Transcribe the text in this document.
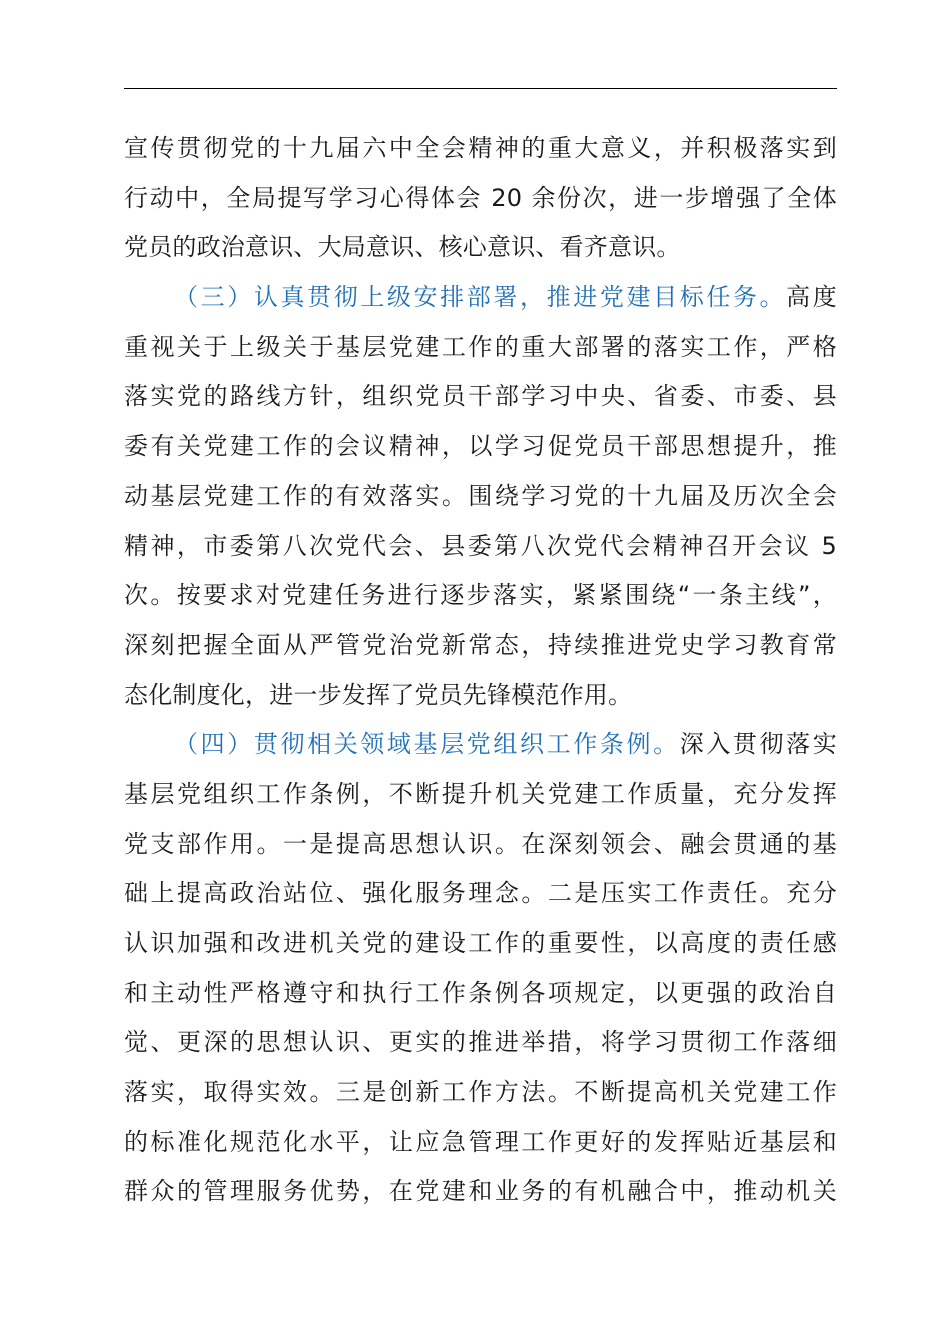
宣传贯彻党的十九届六中全会精神的重大意义，并积极落实到
行动中，全局提写学习心得体会 20 余份次，进一步增强了全体
党员的政治意识、大局意识、核心意识、看齐意识。
（三）认真贯彻上级安排部署，推进党建目标任务。高度
重视关于上级关于基层党建工作的重大部署的落实工作，严格
落实党的路线方针，组织党员干部学习中央、省委、市委、县
委有关党建工作的会议精神，以学习促党员干部思想提升，推
动基层党建工作的有效落实。围绕学习党的十九届及历次全会
精神，市委第八次党代会、县委第八次党代会精神召开会议 5
次。按要求对党建任务进行逐步落实，紧紧围绕“一条主线”，
深刻把握全面从严管党治党新常态，持续推进党史学习教育常
态化制度化，进一步发挥了党员先锋模范作用。
（四）贯彻相关领域基层党组织工作条例。深入贯彻落实
基层党组织工作条例，不断提升机关党建工作质量，充分发挥
党支部作用。一是提高思想认识。在深刻领会、融会贯通的基
础上提高政治站位、强化服务理念。二是压实工作责任。充分
认识加强和改进机关党的建设工作的重要性，以高度的责任感
和主动性严格遵守和执行工作条例各项规定，以更强的政治自
觉、更深的思想认识、更实的推进举措，将学习贯彻工作落细
落实，取得实效。三是创新工作方法。不断提高机关党建工作
的标准化规范化水平，让应急管理工作更好的发挥贴近基层和
群众的管理服务优势，在党建和业务的有机融合中，推动机关
